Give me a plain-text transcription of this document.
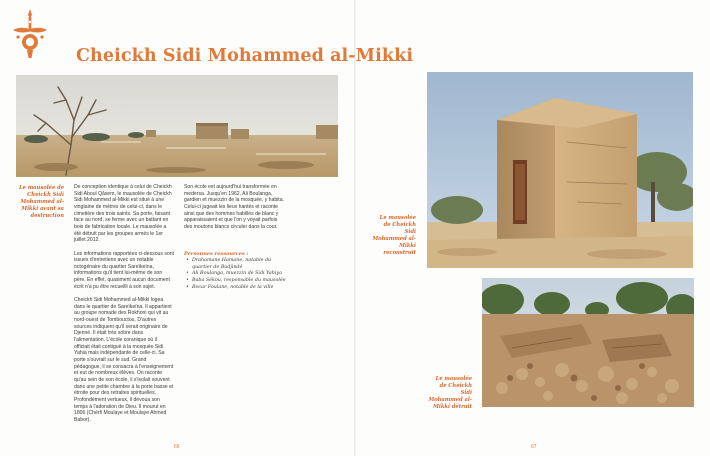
Cheickh Sidi Mohammed al-Mikki
Le mausolée de Cheickh Sidi Mohammed al-Mikki avant sa destruction

De conception identique à celui de Cheickh Sidi Aboul Qâsem, le mausolée de Cheickh Sidi Mohammed al-Mikki est situé à une vingtaine de mètres de celui-ci, dans le cimetière des trois saints. Sa porte, faisant face au nord, se ferme avec un battant en bois de fabrication locale. Le mausolée a été détruit par les groupes armés le 1er juillet 2012.

Les informations rapportées ci-dessous sont issues d'entretiens avec un notable octogénaire du quartier Sareïkeïna, informations qu'il tient lui-même de son père. En effet, quasiment aucun document écrit n'a pu être recueilli à son sujet.

Cheickh Sidi Mohammed al-Mikki logea dans le quartier de Sareïkeïna. Il appartient au groupe nomade des Rokhoni qui vit au nord-ouest de Tombouctou. D'autres sources indiquent qu'il serait originaire de Djenné. Il était très sobre dans l'alimentation. L'école coranique où il officiait était contiguë à la mosquée Sidi Yahia mais indépendante de celle-ci. Sa porte s'ouvrait sur le sud. Grand pédagogue, il se consacra à l'enseignement et eut de nombreux élèves. On raconte qu'au sein de son école, il s'isolait souvent dans une petite chambre à la porte basse et étroite pour des retraites spirituelles. Profondément vertueux, il dévoua son temps à l'adoration de Dieu. Il mourut en 1806 (Chérfi Moulaye et Moulaye Ahmed Babor).

Son école est aujourd'hui transformée en medersa. Jusqu'en 1962, Ali Boulanga, gardien et muezzin de la mosquée, y habita. Celui-ci jugeait les lieux hantés et raconte ainsi que des hommes habillés de blanc y apparaissaient et que l'on y voyait parfois des moutons blancs circuler dans la cour.

Personnes ressources :
• Drahamane Hamane, notable du quartier de Badjindé
• Ali Boulanga, muezzin de Sidi Yahiya
• Baba Sékou, responsable du mausolée
• Bocar Foulane, notable de la ville
66
Le mausolée de Cheickh Sidi Mohammed al-Mikki reconstruit
Le mausolée de Cheickh Sidi Mohammed al-Mikki détruit
67
